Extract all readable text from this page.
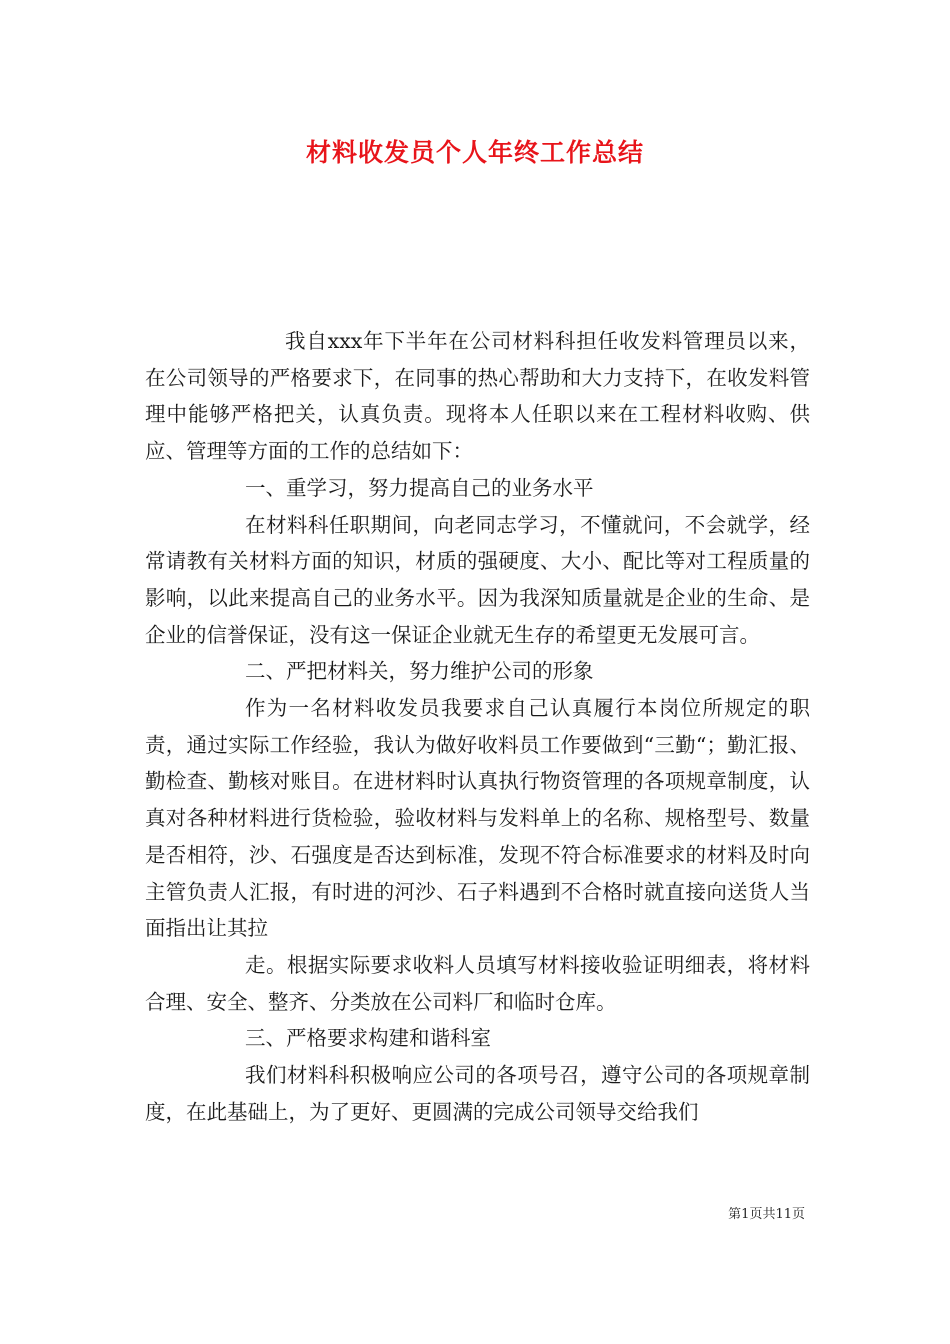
材料收发员个人年终工作总结

我自xxx年下半年在公司材料科担任收发料管理员以来，在公司领导的严格要求下，在同事的热心帮助和大力支持下，在收发料管理中能够严格把关，认真负责。现将本人任职以来在工程材料收购、供应、管理等方面的工作的总结如下：

一、重学习，努力提高自己的业务水平

在材料科任职期间，向老同志学习，不懂就问，不会就学，经常请教有关材料方面的知识，材质的强硬度、大小、配比等对工程质量的影响，以此来提高自己的业务水平。因为我深知质量就是企业的生命、是企业的信誉保证，没有这一保证企业就无生存的希望更无发展可言。

二、严把材料关，努力维护公司的形象

作为一名材料收发员我要求自己认真履行本岗位所规定的职责，通过实际工作经验，我认为做好收料员工作要做到“三勤“；勤汇报、勤检查、勤核对账目。在进材料时认真执行物资管理的各项规章制度，认真对各种材料进行货检验，验收材料与发料单上的名称、规格型号、数量是否相符，沙、石强度是否达到标准，发现不符合标准要求的材料及时向主管负责人汇报，有时进的河沙、石子料遇到不合格时就直接向送货人当面指出让其拉

走。根据实际要求收料人员填写材料接收验证明细表，将材料合理、安全、整齐、分类放在公司料厂和临时仓库。

三、严格要求构建和谐科室

我们材料科积极响应公司的各项号召，遵守公司的各项规章制度，在此基础上，为了更好、更圆满的完成公司领导交给我们

第1页共11页
